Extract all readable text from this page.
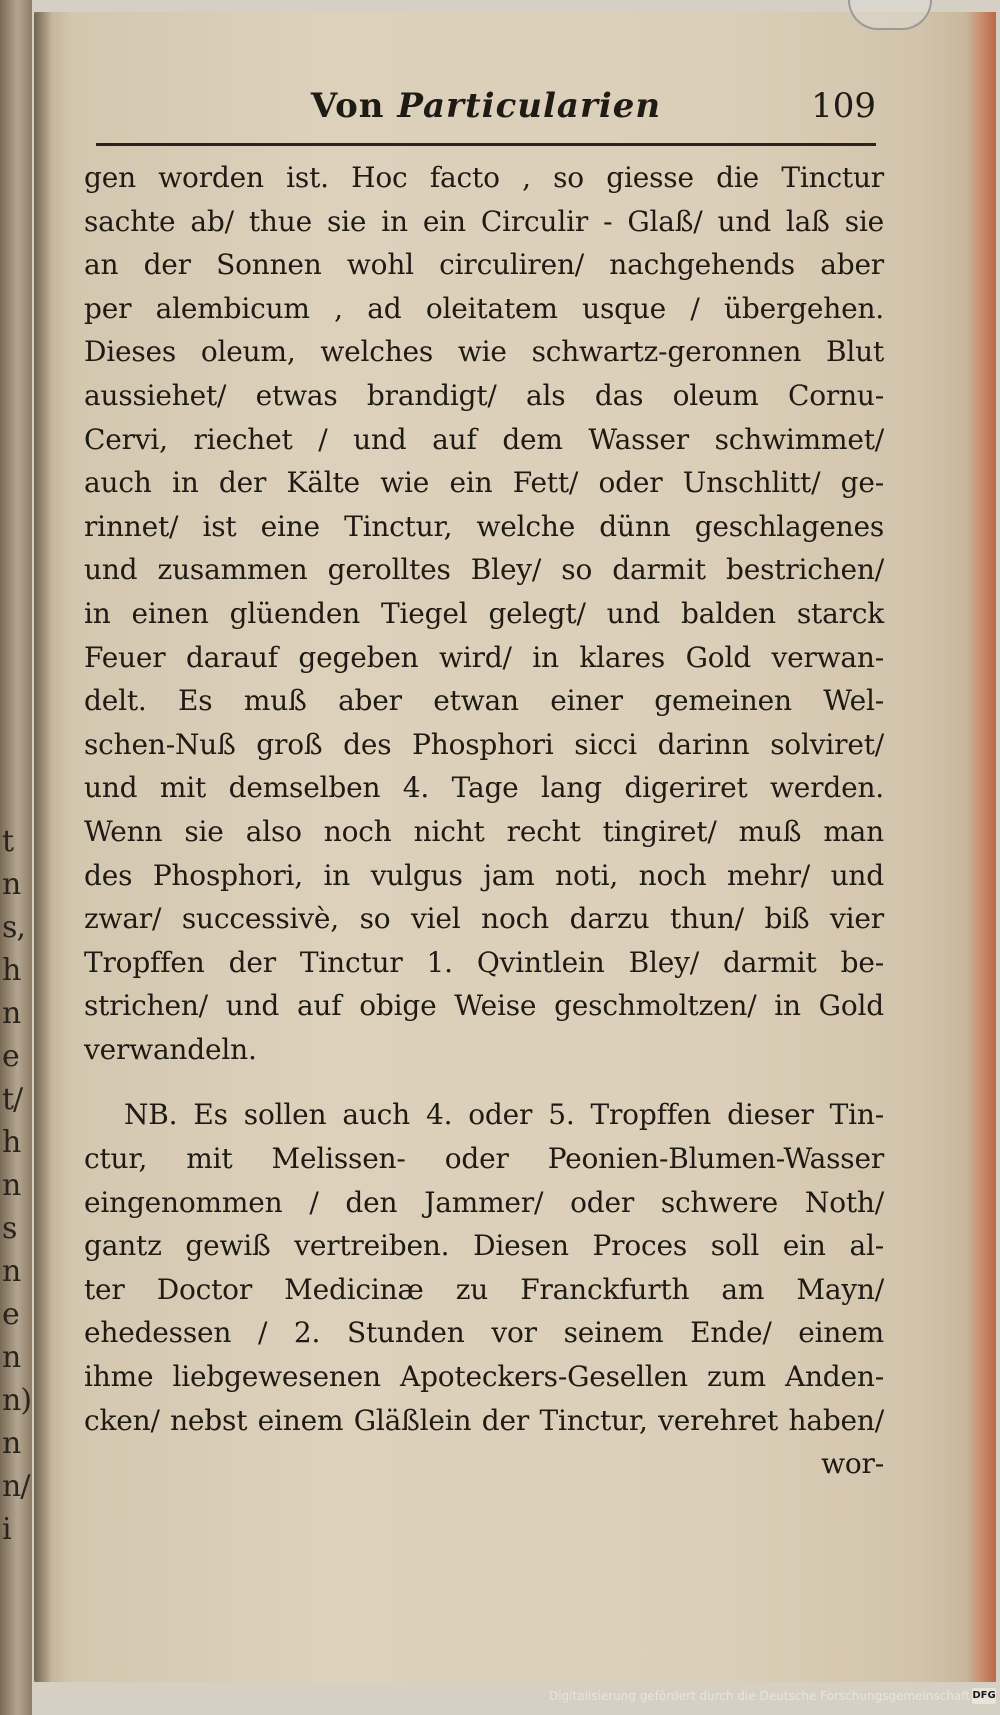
t
n
s,
h
n
e
t/
h
n
s
n
e
n
n)
n
n/
i
Von Particularien	109
gen worden ist. Hoc facto , so giesse die Tinctur
sachte ab/ thue sie in ein Circulir - Glaß/ und laß sie
an der Sonnen wohl circuliren/ nachgehends aber
per alembicum , ad oleitatem usque / übergehen.
Dieses oleum, welches wie schwartz-geronnen Blut
aussiehet/ etwas brandigt/ als das oleum Cornu-
Cervi, riechet / und auf dem Wasser schwimmet/
auch in der Kälte wie ein Fett/ oder Unschlitt/ ge-
rinnet/ ist eine Tinctur, welche dünn geschlagenes
und zusammen gerolltes Bley/ so darmit bestrichen/
in einen glüenden Tiegel gelegt/ und balden starck
Feuer darauf gegeben wird/ in klares Gold verwan-
delt. Es muß aber etwan einer gemeinen Wel-
schen-Nuß groß des Phosphori sicci darinn solviret/
und mit demselben 4. Tage lang digeriret werden.
Wenn sie also noch nicht recht tingiret/ muß man
des Phosphori, in vulgus jam noti, noch mehr/ und
zwar/ successivè, so viel noch darzu thun/ biß vier
Tropffen der Tinctur 1. Qvintlein Bley/ darmit be-
strichen/ und auf obige Weise geschmoltzen/ in Gold
verwandeln.
NB. Es sollen auch 4. oder 5. Tropffen dieser Tin-
ctur, mit Melissen- oder Peonien-Blumen-Wasser
eingenommen / den Jammer/ oder schwere Noth/
gantz gewiß vertreiben. Diesen Proces soll ein al-
ter Doctor Medicinæ zu Franckfurth am Mayn/
ehedessen / 2. Stunden vor seinem Ende/ einem
ihme liebgewesenen Apoteckers-Gesellen zum Anden-
cken/ nebst einem Gläßlein der Tinctur, verehret haben/
wor-
Digitalisierung gefördert durch die Deutsche Forschungsgemeinschaft DFG
